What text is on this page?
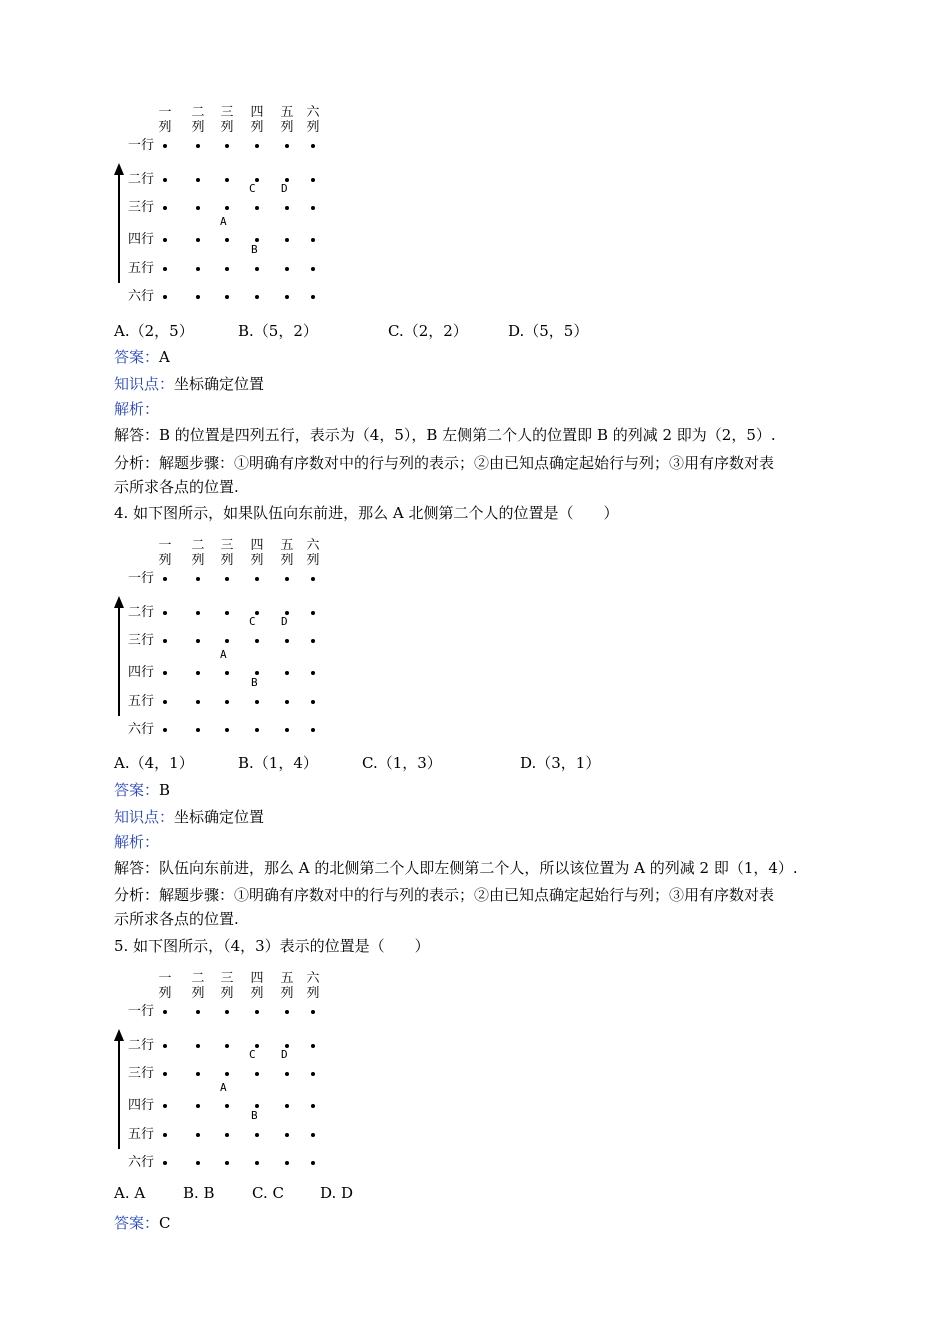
一
列
二
列
三
列
四
列
五
列
六
列
一行
二行
三行
四行
五行
六行
A
B
C D
A.（2，5）	B.（5，2）	C.（2，2）	D.（5，5）
答案：A
知识点：坐标确定位置
解析：
解答：B 的位置是四列五行，表示为（4，5），B 左侧第二个人的位置即 B 的列减 2 即为（2，5）.
分析：解题步骤：①明确有序数对中的行与列的表示；②由已知点确定起始行与列；③用有序数对表
示所求各点的位置.
4. 如下图所示，如果队伍向东前进，那么 A 北侧第二个人的位置是（　　）
一
列
二
列
三
列
四
列
五
列
六
列
一行
二行
三行
四行
五行
六行
A
B
C D
A.（4，1）	B.（1，4）	C.（1，3）	D.（3，1）
答案：B
知识点：坐标确定位置
解析：
解答：队伍向东前进，那么 A 的北侧第二个人即左侧第二个人，所以该位置为 A 的列减 2 即（1，4）.
分析：解题步骤：①明确有序数对中的行与列的表示；②由已知点确定起始行与列；③用有序数对表
示所求各点的位置.
5. 如下图所示，（4，3）表示的位置是（　　）
一
列
二
列
三
列
四
列
五
列
六
列
一行
二行
三行
四行
五行
六行
A
B
C D
A. A	B. B C. C D. D
答案：C
